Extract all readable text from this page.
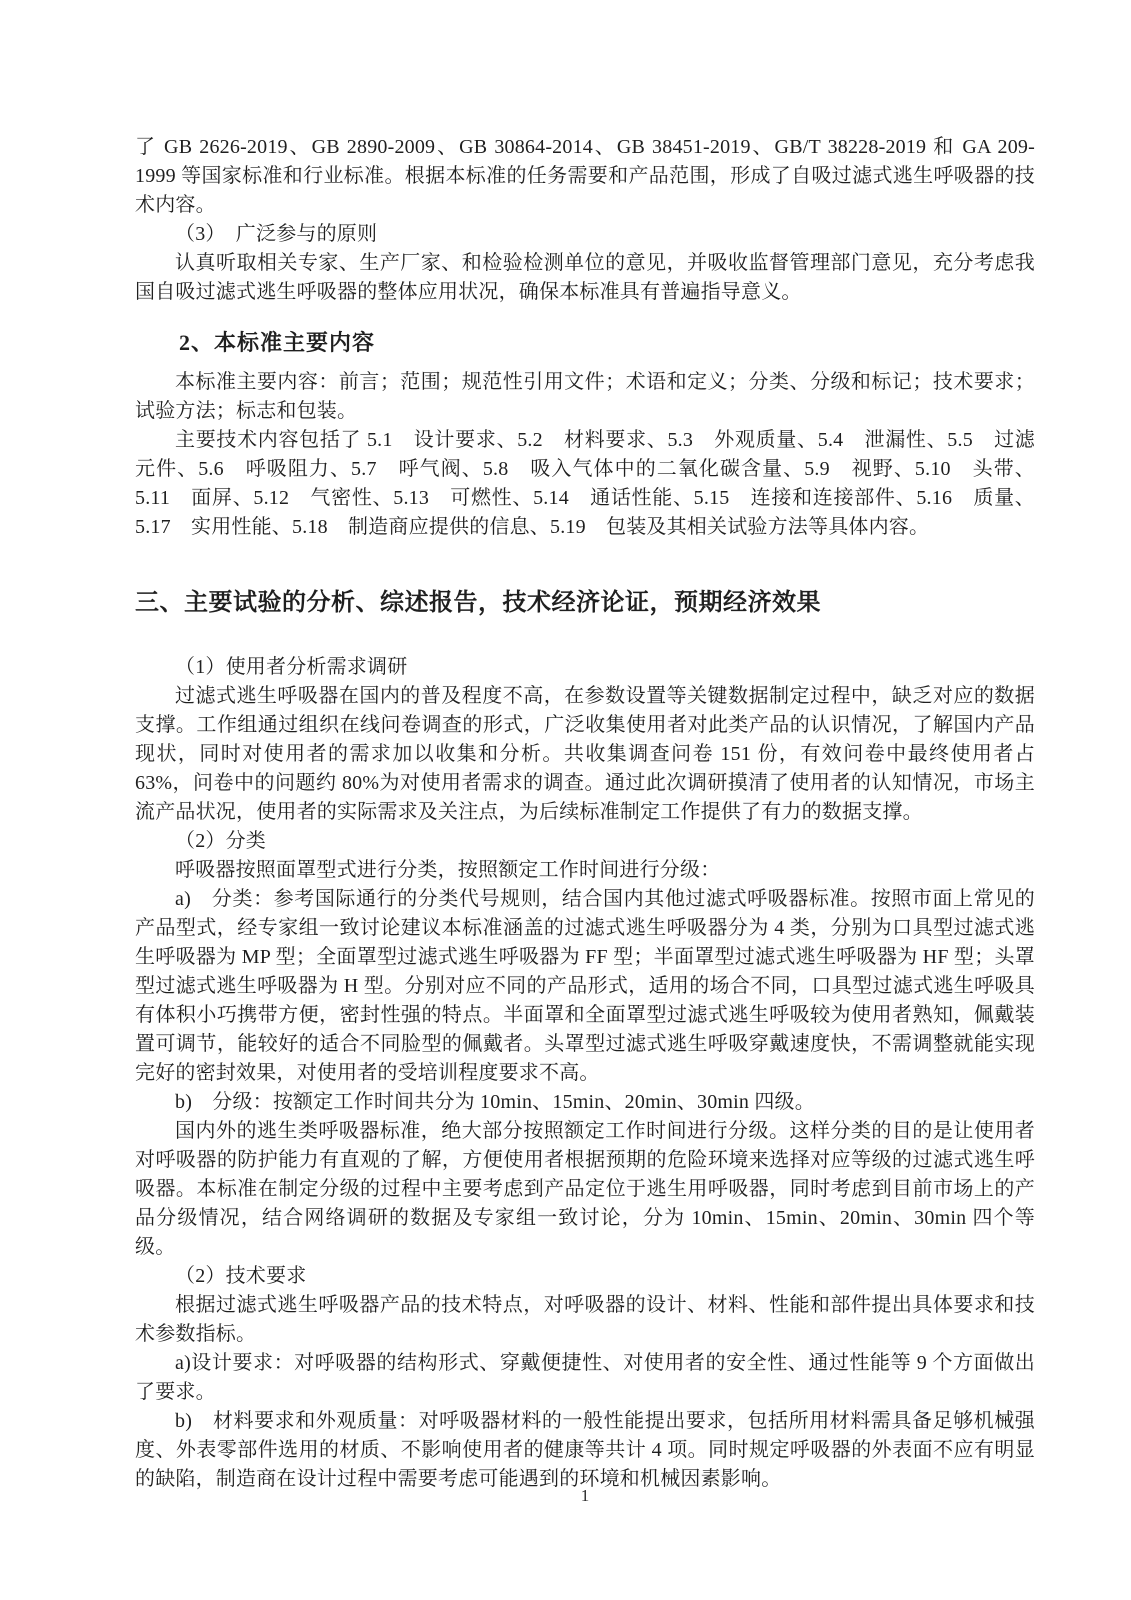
了 GB 2626-2019、GB 2890-2009、GB 30864-2014、GB 38451-2019、GB/T 38228-2019 和 GA 209-1999 等国家标准和行业标准。根据本标准的任务需要和产品范围，形成了自吸过滤式逃生呼吸器的技术内容。

（3）　广泛参与的原则

认真听取相关专家、生产厂家、和检验检测单位的意见，并吸收监督管理部门意见，充分考虑我国自吸过滤式逃生呼吸器的整体应用状况，确保本标准具有普遍指导意义。

2、本标准主要内容

本标准主要内容：前言；范围；规范性引用文件；术语和定义；分类、分级和标记；技术要求；试验方法；标志和包装。

主要技术内容包括了 5.1　设计要求、5.2　材料要求、5.3　外观质量、5.4　泄漏性、5.5　过滤元件、5.6　呼吸阻力、5.7　呼气阀、5.8　吸入气体中的二氧化碳含量、5.9　视野、5.10　头带、5.11　面屏、5.12　气密性、5.13　可燃性、5.14　通话性能、5.15　连接和连接部件、5.16　质量、5.17　实用性能、5.18　制造商应提供的信息、5.19　包装及其相关试验方法等具体内容。

三、主要试验的分析、综述报告，技术经济论证，预期经济效果

（1）使用者分析需求调研

过滤式逃生呼吸器在国内的普及程度不高，在参数设置等关键数据制定过程中，缺乏对应的数据支撑。工作组通过组织在线问卷调查的形式，广泛收集使用者对此类产品的认识情况，了解国内产品现状，同时对使用者的需求加以收集和分析。共收集调查问卷 151 份，有效问卷中最终使用者占 63%，问卷中的问题约 80%为对使用者需求的调查。通过此次调研摸清了使用者的认知情况，市场主流产品状况，使用者的实际需求及关注点，为后续标准制定工作提供了有力的数据支撑。

（2）分类

呼吸器按照面罩型式进行分类，按照额定工作时间进行分级：

a)　分类：参考国际通行的分类代号规则，结合国内其他过滤式呼吸器标准。按照市面上常见的产品型式，经专家组一致讨论建议本标准涵盖的过滤式逃生呼吸器分为 4 类，分别为口具型过滤式逃生呼吸器为 MP 型；全面罩型过滤式逃生呼吸器为 FF 型；半面罩型过滤式逃生呼吸器为 HF 型；头罩型过滤式逃生呼吸器为 H 型。分别对应不同的产品形式，适用的场合不同，口具型过滤式逃生呼吸具有体积小巧携带方便，密封性强的特点。半面罩和全面罩型过滤式逃生呼吸较为使用者熟知，佩戴装置可调节，能较好的适合不同脸型的佩戴者。头罩型过滤式逃生呼吸穿戴速度快，不需调整就能实现完好的密封效果，对使用者的受培训程度要求不高。

b)　分级：按额定工作时间共分为 10min、15min、20min、30min 四级。

国内外的逃生类呼吸器标准，绝大部分按照额定工作时间进行分级。这样分类的目的是让使用者对呼吸器的防护能力有直观的了解，方便使用者根据预期的危险环境来选择对应等级的过滤式逃生呼吸器。本标准在制定分级的过程中主要考虑到产品定位于逃生用呼吸器，同时考虑到目前市场上的产品分级情况，结合网络调研的数据及专家组一致讨论，分为 10min、15min、20min、30min 四个等级。

（2）技术要求

根据过滤式逃生呼吸器产品的技术特点，对呼吸器的设计、材料、性能和部件提出具体要求和技术参数指标。

a)设计要求：对呼吸器的结构形式、穿戴便捷性、对使用者的安全性、通过性能等 9 个方面做出了要求。

b)　材料要求和外观质量：对呼吸器材料的一般性能提出要求，包括所用材料需具备足够机械强度、外表零部件选用的材质、不影响使用者的健康等共计 4 项。同时规定呼吸器的外表面不应有明显的缺陷，制造商在设计过程中需要考虑可能遇到的环境和机械因素影响。

1
